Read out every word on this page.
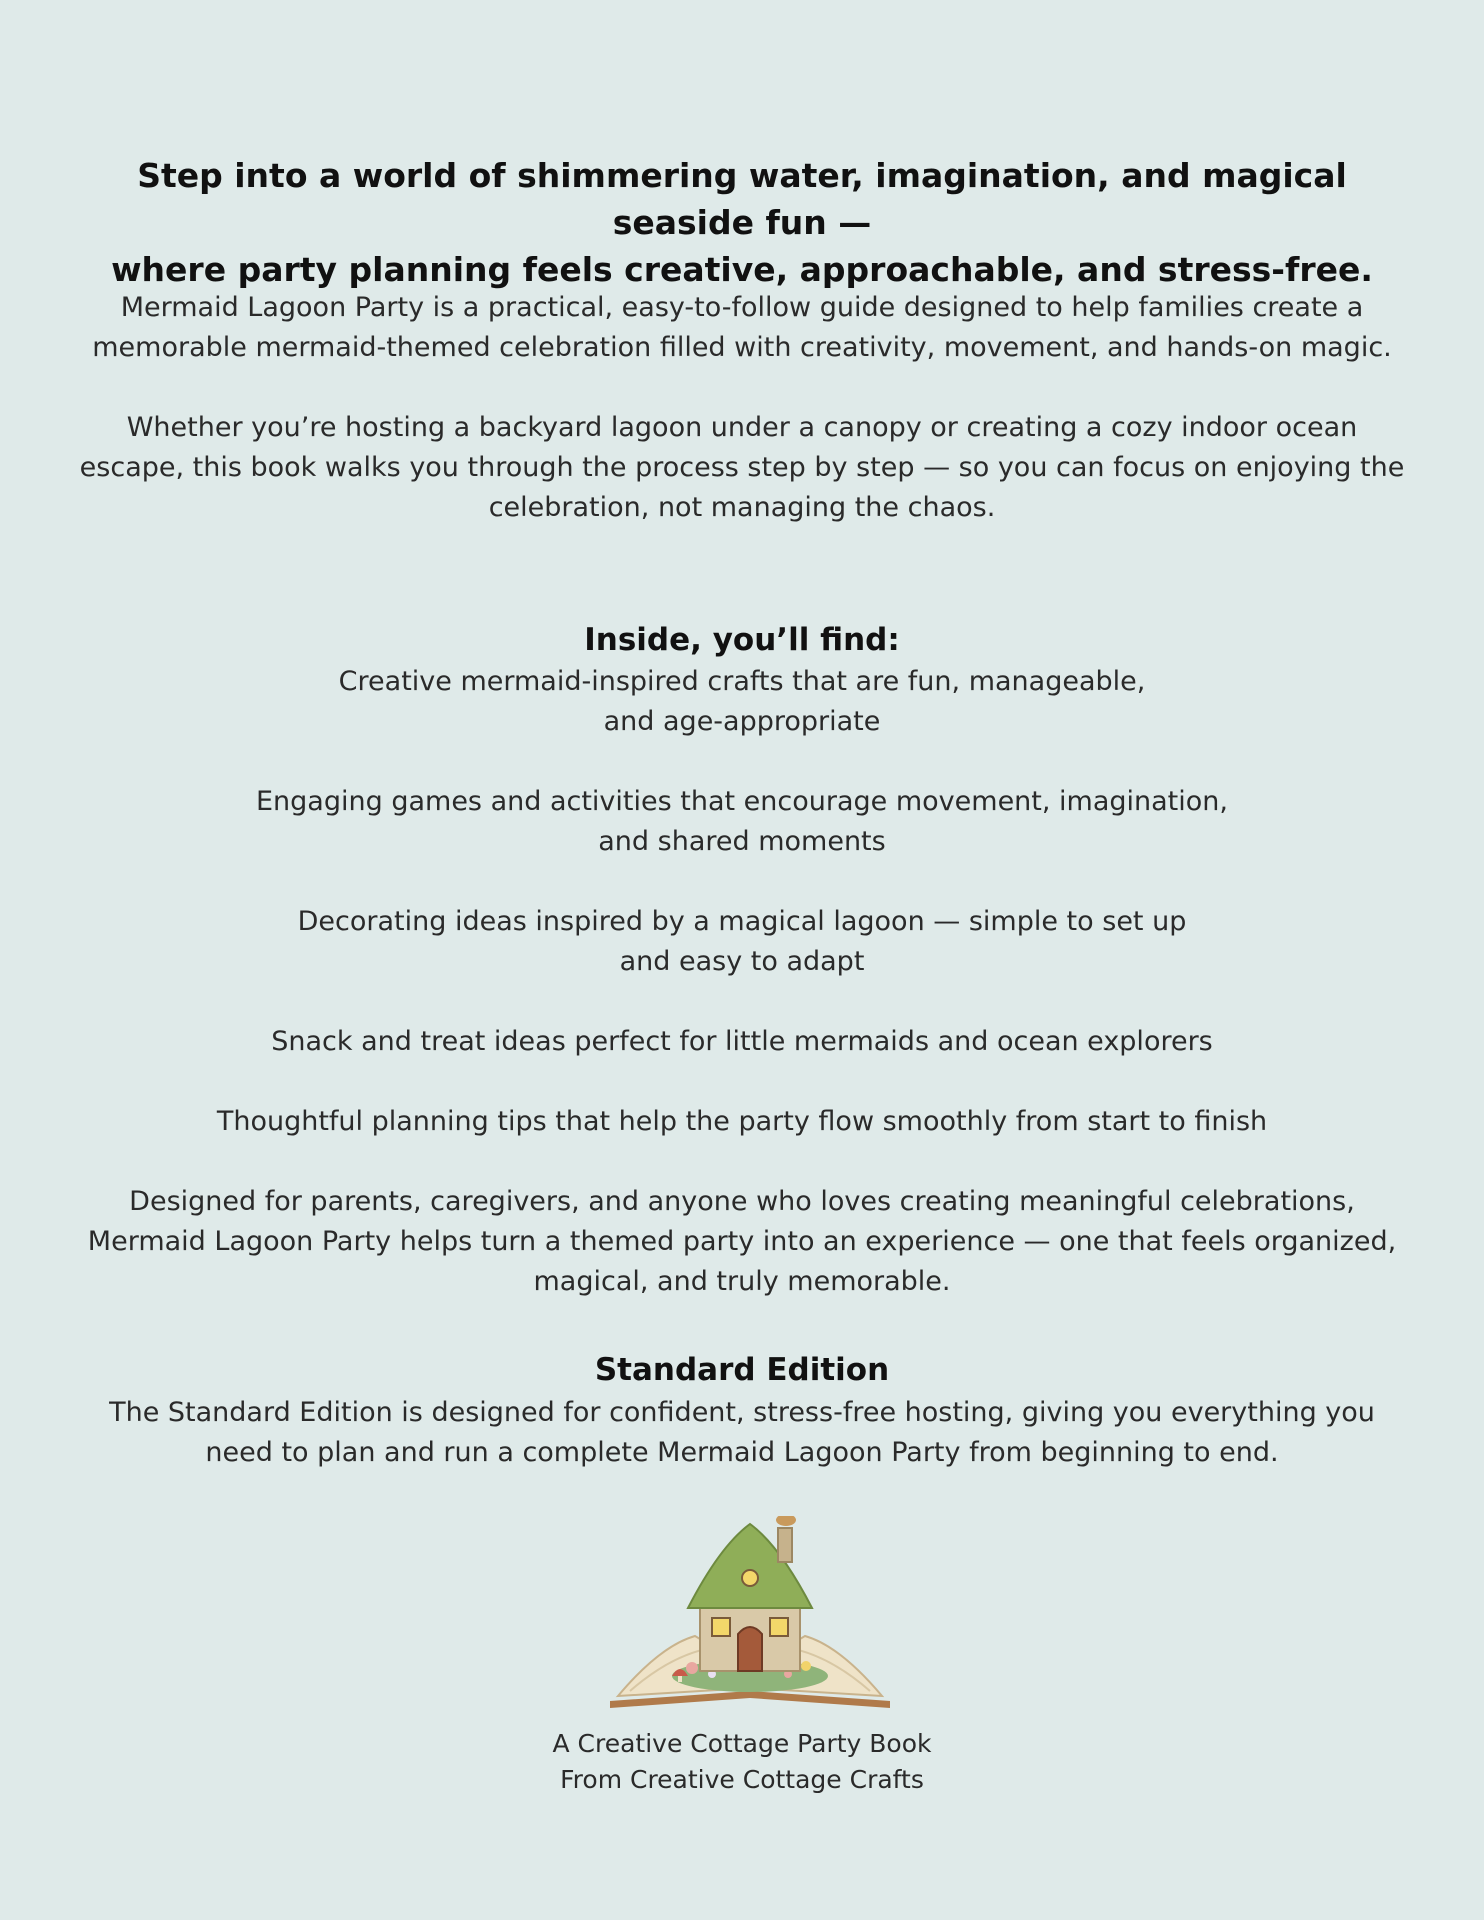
Step into a world of shimmering water, imagination, and magical seaside fun —
where party planning feels creative, approachable, and stress-free.
Mermaid Lagoon Party is a practical, easy-to-follow guide designed to help families create a
memorable mermaid-themed celebration filled with creativity, movement, and hands-on magic.
Whether you’re hosting a backyard lagoon under a canopy or creating a cozy indoor ocean
escape, this book walks you through the process step by step — so you can focus on enjoying the
celebration, not managing the chaos.
Inside, you’ll find:
Creative mermaid-inspired crafts that are fun, manageable,
and age-appropriate
Engaging games and activities that encourage movement, imagination,
and shared moments
Decorating ideas inspired by a magical lagoon — simple to set up
and easy to adapt
Snack and treat ideas perfect for little mermaids and ocean explorers
Thoughtful planning tips that help the party flow smoothly from start to finish
Designed for parents, caregivers, and anyone who loves creating meaningful celebrations,
Mermaid Lagoon Party helps turn a themed party into an experience — one that feels organized,
magical, and truly memorable.
Standard Edition
The Standard Edition is designed for confident, stress-free hosting, giving you everything you
need to plan and run a complete Mermaid Lagoon Party from beginning to end.
A Creative Cottage Party Book
From Creative Cottage Crafts
